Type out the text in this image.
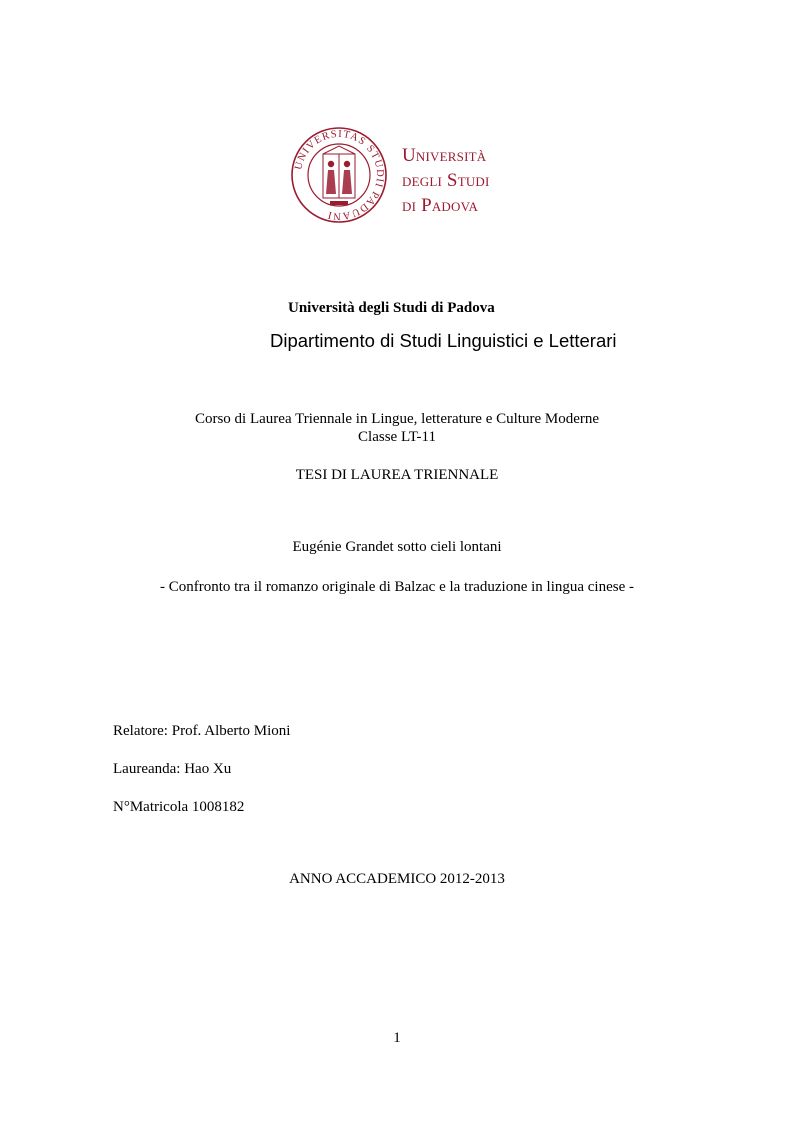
UNIVERSITAS STUDII PADUANI
Università
degli Studi
di Padova
Università degli Studi di Padova
Dipartimento di Studi Linguistici e Letterari
Corso di Laurea Triennale in Lingue, letterature e Culture Moderne
Classe LT-11
TESI DI LAUREA TRIENNALE
Eugénie Grandet sotto cieli lontani
- Confronto tra il romanzo originale di Balzac e la traduzione in lingua cinese -
Relatore: Prof. Alberto Mioni
Laureanda: Hao Xu
N°Matricola 1008182
ANNO ACCADEMICO 2012-2013
1
